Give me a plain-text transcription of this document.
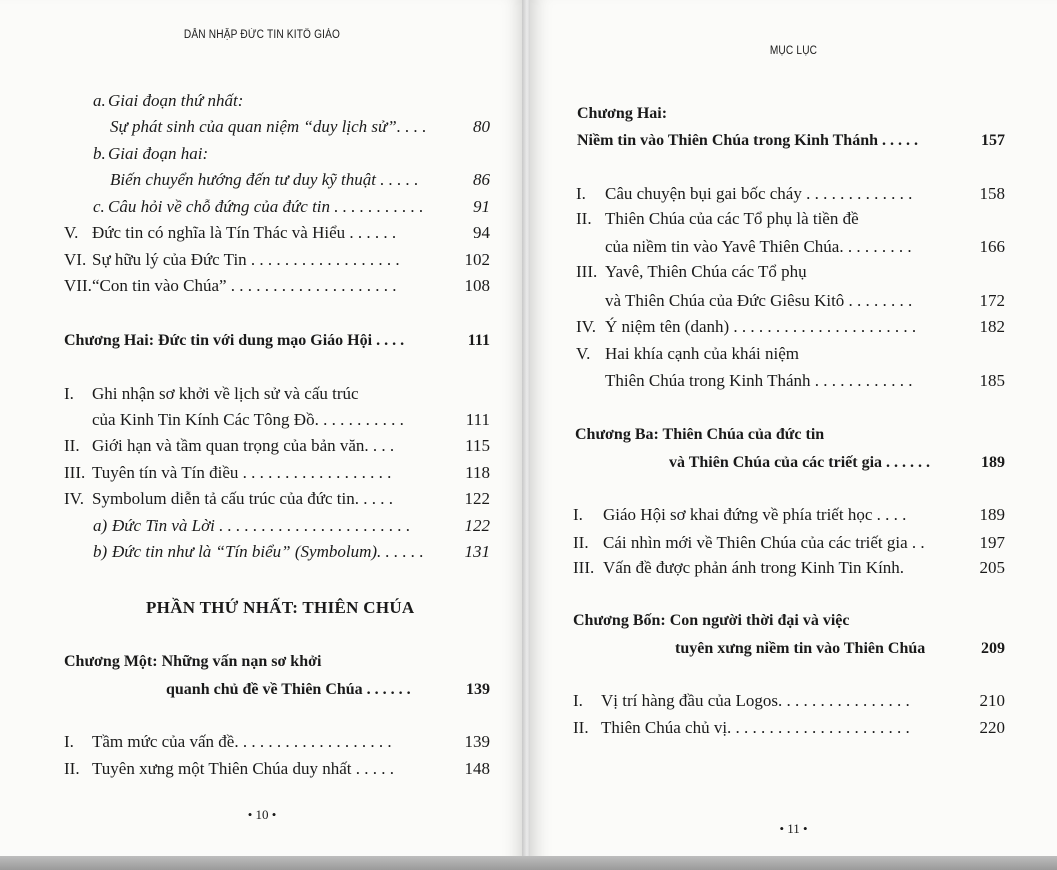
DẪN NHẬP ĐỨC TIN KITÔ GIÁO
a. Giai đoạn thứ nhất:
Sự phát sinh của quan niệm “duy lịch sử”. . . .	80
b. Giai đoạn hai:
Biến chuyển hướng đến tư duy kỹ thuật . . . . .	86
c. Câu hỏi về chỗ đứng của đức tin . . . . . . . . . . .	91
V. Đức tin có nghĩa là Tín Thác và Hiểu . . . . . .	94
VI. Sự hữu lý của Đức Tin . . . . . . . . . . . . . . . . . .	102
VII. “Con tin vào Chúa” . . . . . . . . . . . . . . . . . . . .	108
Chương Hai: Đức tin với dung mạo Giáo Hội . . . .	111
I. Ghi nhận sơ khởi về lịch sử và cấu trúc
của Kinh Tin Kính Các Tông Đồ. . . . . . . . . . .	111
II. Giới hạn và tầm quan trọng của bản văn. . . .	115
III. Tuyên tín và Tín điều . . . . . . . . . . . . . . . . . .	118
IV. Symbolum diễn tả cấu trúc của đức tin. . . . .	122
a) Đức Tin và Lời . . . . . . . . . . . . . . . . . . . . . . .	122
b) Đức tin như là “Tín biểu” (Symbolum). . . . . . 131
PHẦN THỨ NHẤT: THIÊN CHÚA
Chương Một: Những vấn nạn sơ khởi
quanh chủ đề về Thiên Chúa . . . . . .	139
I. Tầm mức của vấn đề. . . . . . . . . . . . . . . . . . .	139
II. Tuyên xưng một Thiên Chúa duy nhất . . . . .	148
• 10 •
MỤC LỤC
Chương Hai:
Niềm tin vào Thiên Chúa trong Kinh Thánh . . . . .	157
I. Câu chuyện bụi gai bốc cháy . . . . . . . . . . . . .	158
II. Thiên Chúa của các Tổ phụ là tiền đề
của niềm tin vào Yavê Thiên Chúa. . . . . . . . .	166
III. Yavê, Thiên Chúa các Tổ phụ
và Thiên Chúa của Đức Giêsu Kitô . . . . . . . .	172
IV. Ý niệm tên (danh) . . . . . . . . . . . . . . . . . . . . . .	182
V. Hai khía cạnh của khái niệm
Thiên Chúa trong Kinh Thánh . . . . . . . . . . . .	185
Chương Ba: Thiên Chúa của đức tin
và Thiên Chúa của các triết gia . . . . . .	189
I. Giáo Hội sơ khai đứng về phía triết học . . . .	189
II. Cái nhìn mới về Thiên Chúa của các triết gia . .	197
III. Vấn đề được phản ánh trong Kinh Tin Kính.	205
Chương Bốn: Con người thời đại và việc
tuyên xưng niềm tin vào Thiên Chúa	209
I. Vị trí hàng đầu của Logos. . . . . . . . . . . . . . . .	210
II. Thiên Chúa chủ vị. . . . . . . . . . . . . . . . . . . . . .	220
• 11 •
